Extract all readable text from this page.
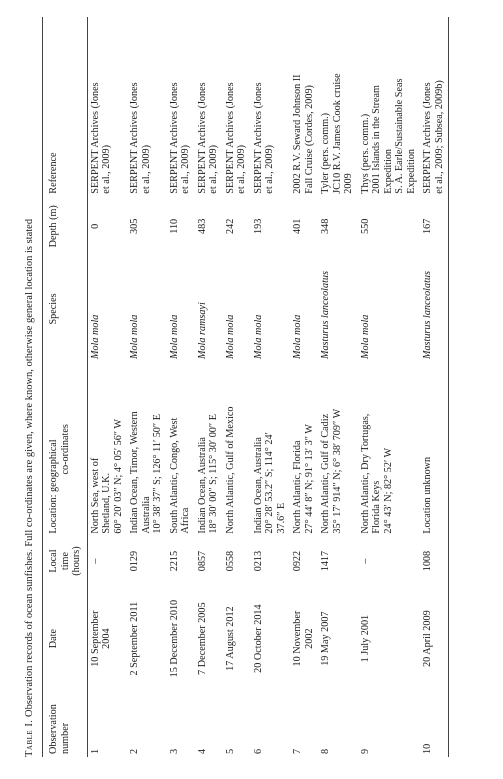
Table I. Observation records of ocean sunfishes. Full co-ordinates are given, where known, otherwise general location is stated
Observation number	Date	Local time (hours)	Location: geographical co-ordinates	Species	Depth (m)	Reference
1	10 September 2004	–	North Sea, west of Shetland, U.K. 60° 20′ 03″ N; 4° 05′ 56″ W	Mola mola	0	SERPENT Archives (Jones et al., 2009)

2	2 September 2011	0129	Indian Ocean, Timor, Western Australia 10° 38′ 37″ S; 126° 11′ 50″ E	Mola mola	305	SERPENT Archives (Jones et al., 2009)

3	15 December 2010	2215	South Atlantic, Congo, West Africa	Mola mola	110	SERPENT Archives (Jones et al., 2009)

4	7 December 2005	0857	Indian Ocean, Australia 18° 30′ 00″ S; 115° 30′ 00″ E	Mola ramsayi	483	SERPENT Archives (Jones et al., 2009)

5	17 August 2012	0558	North Atlantic, Gulf of Mexico	Mola mola	242	SERPENT Archives (Jones et al., 2009)

6	20 October 2014	0213	Indian Ocean, Australia 20° 28′ 53.2″ S; 114° 24′ 37.6″ E	Mola mola	193	SERPENT Archives (Jones et al., 2009)

7	10 November 2002	0922	North Atlantic, Florida 27° 44′ 8″ N; 91° 13′ 3″ W	Mola mola	401	2002 R.V. Seward Johnson II Fall Cruise (Cordes, 2009)

8	19 May 2007	1417	North Atlantic, Gulf of Cadiz 35° 17′ 914″ N; 6° 38′ 709″ W	Masturus lanceolatus	348	Tyler (pers. comm.) JC10 R.V. James Cook cruise 2009

9	1 July 2001	–	North Atlantic, Dry Tortugas, Florida Keys 24° 43′ N; 82° 52′ W	Mola mola	550	Thys (pers. comm.) 2001 Islands in the Stream Expedition S. A. Earle/Sustainable Seas Expedition

10	20 April 2009	1008	Location unknown	Masturus lanceolatus	167	SERPENT Archives (Jones et al., 2009; Subsea, 2009b)
